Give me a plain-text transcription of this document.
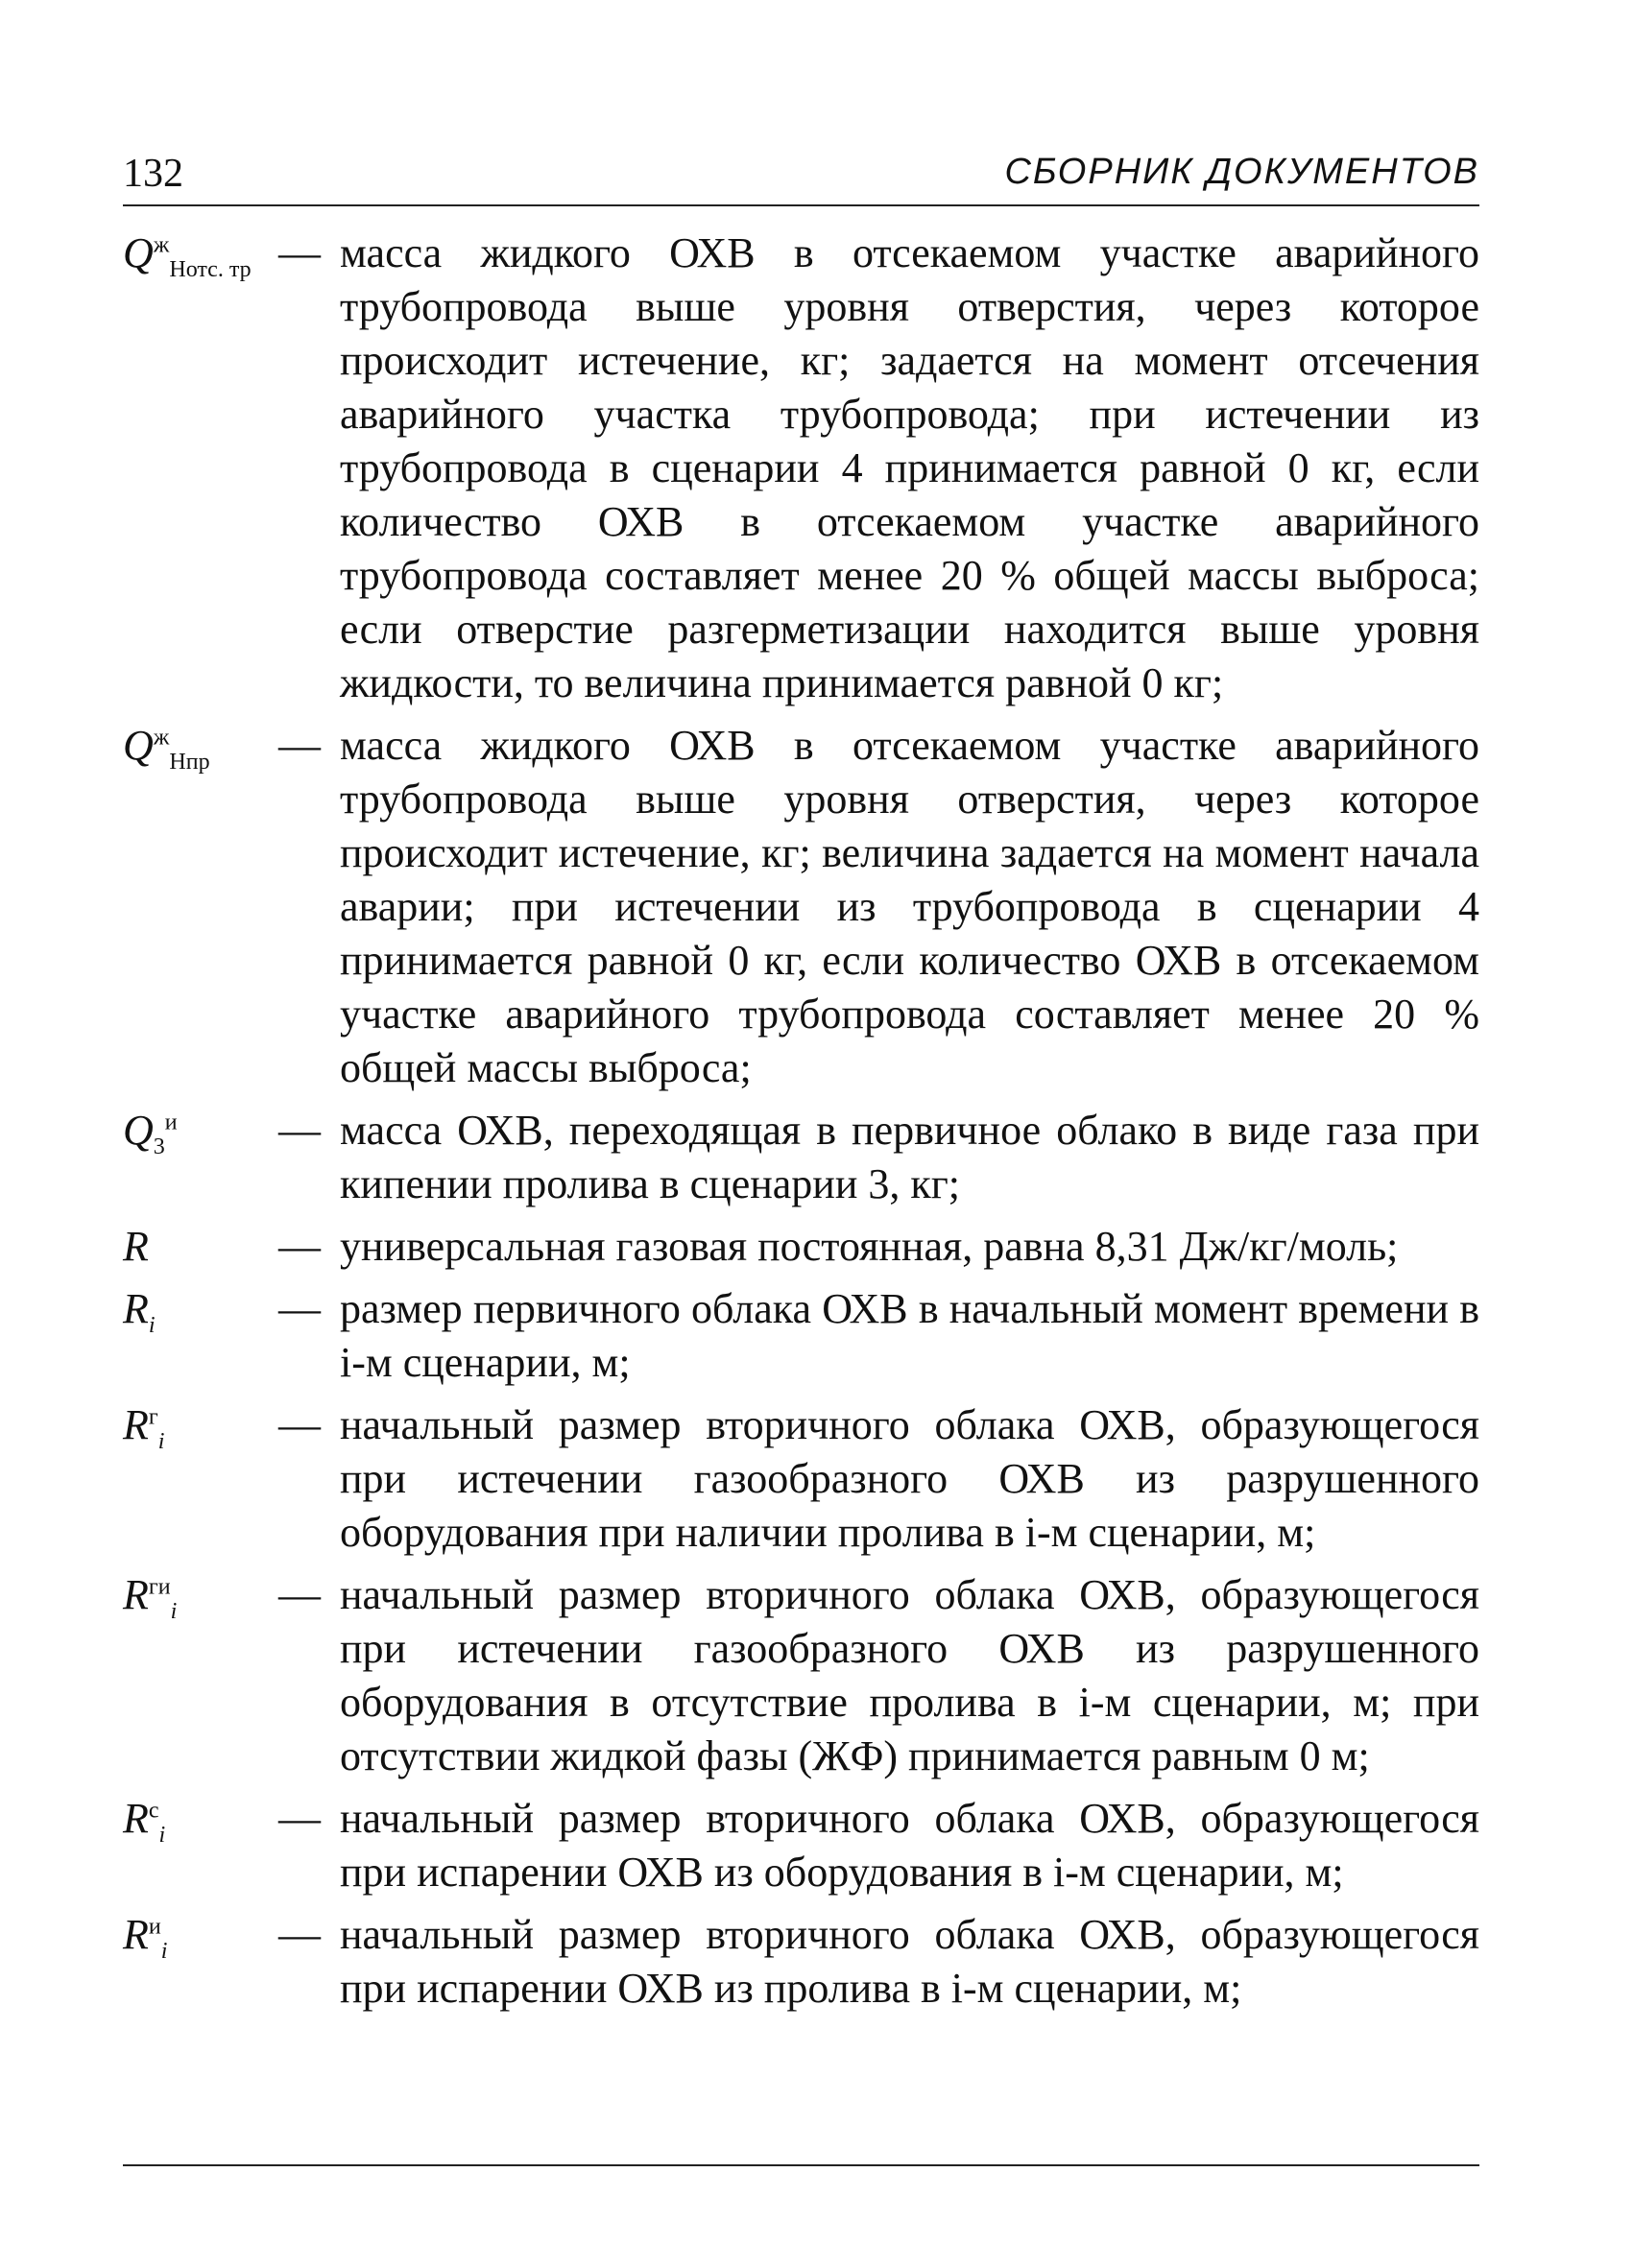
132	СБОРНИК ДОКУМЕНТОВ
$Q^ж_{Нотс. тр}$ — масса жидкого ОХВ в отсекаемом участке аварийного трубопровода выше уровня отверстия, через которое происходит истечение, кг; задается на момент отсечения аварийного участка трубопровода; при истечении из трубопровода в сценарии 4 принимается равной 0 кг, если количество ОХВ в отсекаемом участке аварийного трубопровода составляет менее 20 % общей массы выброса; если отверстие разгерметизации находится выше уровня жидкости, то величина принимается равной 0 кг;
$Q^ж_{Нпр}$	— масса жидкого ОХВ в отсекаемом участке аварийного трубопровода выше уровня отверстия, через которое происходит истечение, кг; величина задается на момент начала аварии; при истечении из трубопровода в сценарии 4 принимается равной 0 кг, если количество ОХВ в отсекаемом участке аварийного трубопровода составляет менее 20 % общей массы выброса;
$Q_3^и$	— масса ОХВ, переходящая в первичное облако в виде газа при кипении пролива в сценарии 3, кг;
R	— универсальная газовая постоянная, равна 8,31 Дж/кг/моль;
$R_i$	— размер первичного облака ОХВ в начальный момент времени в i-м сценарии, м;
$R^г_i$	— начальный размер вторичного облака ОХВ, образующегося при истечении газообразного ОХВ из разрушенного оборудования при наличии пролива в i-м сценарии, м;
$R^{ги}_i$	— начальный размер вторичного облака ОХВ, образующегося при истечении газообразного ОХВ из разрушенного оборудования в отсутствие пролива в i-м сценарии, м; при отсутствии жидкой фазы (ЖФ) принимается равным 0 м;
$R^с_i$	— начальный размер вторичного облака ОХВ, образующегося при испарении ОХВ из оборудования в i-м сценарии, м;
$R^и_i$	— начальный размер вторичного облака ОХВ, образующегося при испарении ОХВ из пролива в i-м сценарии, м;
